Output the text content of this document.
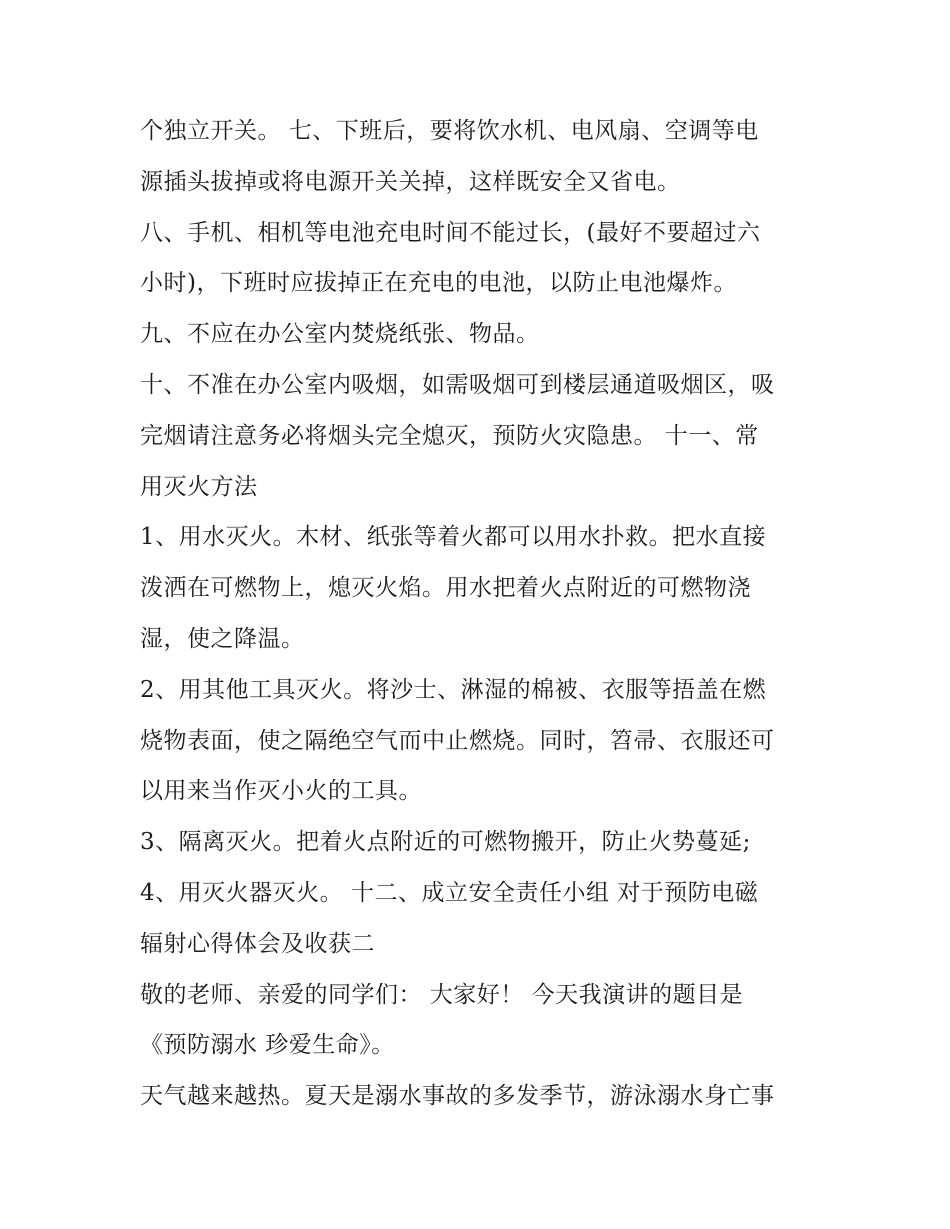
个独立开关。 七、下班后，要将饮水机、电风扇、空调等电
源插头拔掉或将电源开关关掉，这样既安全又省电。
八、手机、相机等电池充电时间不能过长，(最好不要超过六
小时)，下班时应拔掉正在充电的电池，以防止电池爆炸。
九、不应在办公室内焚烧纸张、物品。
十、不准在办公室内吸烟，如需吸烟可到楼层通道吸烟区，吸
完烟请注意务必将烟头完全熄灭，预防火灾隐患。 十一、常
用灭火方法
1、用水灭火。木材、纸张等着火都可以用水扑救。把水直接
泼洒在可燃物上，熄灭火焰。用水把着火点附近的可燃物浇
湿，使之降温。
2、用其他工具灭火。将沙士、淋湿的棉被、衣服等捂盖在燃
烧物表面，使之隔绝空气而中止燃烧。同时，笤帚、衣服还可
以用来当作灭小火的工具。
3、隔离灭火。把着火点附近的可燃物搬开，防止火势蔓延;
4、用灭火器灭火。 十二、成立安全责任小组 对于预防电磁
辐射心得体会及收获二
敬的老师、亲爱的同学们： 大家好！ 今天我演讲的题目是
《预防溺水 珍爱生命》。
天气越来越热。夏天是溺水事故的多发季节，游泳溺水身亡事
